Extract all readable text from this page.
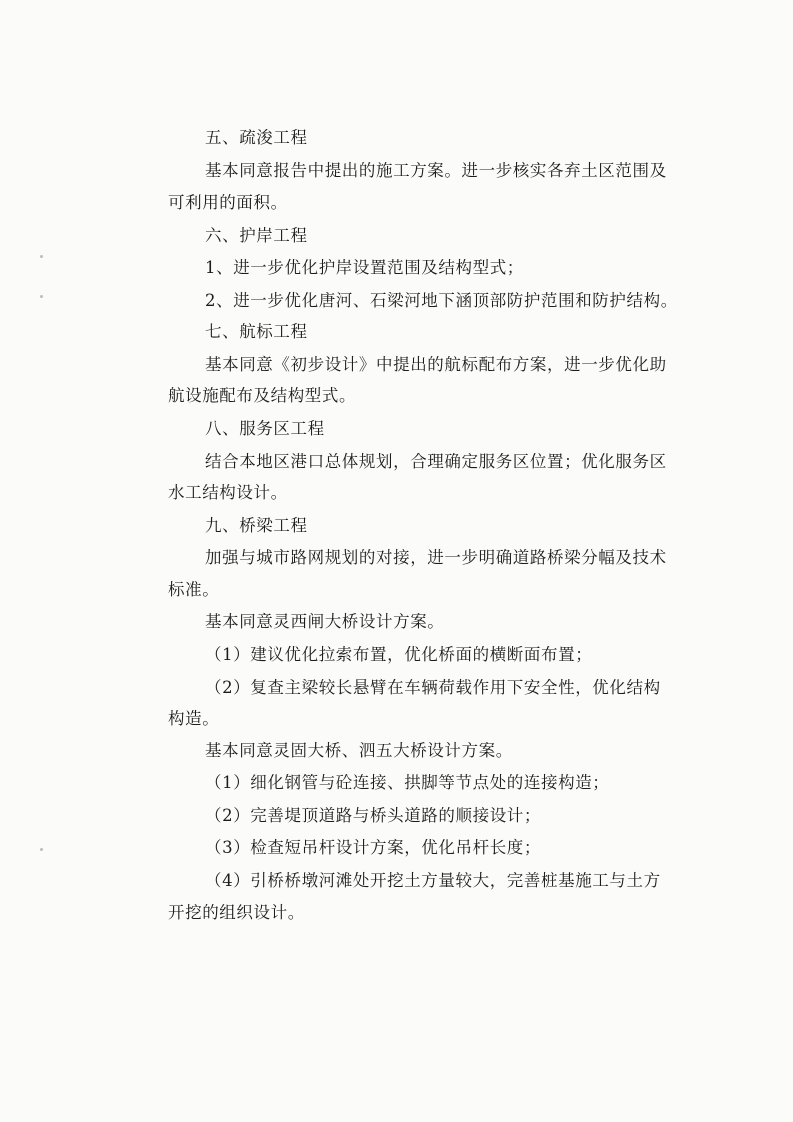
五、疏浚工程
基本同意报告中提出的施工方案。进一步核实各弃土区范围及
可利用的面积。
六、护岸工程
1、进一步优化护岸设置范围及结构型式；
2、进一步优化唐河、石梁河地下涵顶部防护范围和防护结构。
七、航标工程
基本同意《初步设计》中提出的航标配布方案，进一步优化助
航设施配布及结构型式。
八、服务区工程
结合本地区港口总体规划，合理确定服务区位置；优化服务区
水工结构设计。
九、桥梁工程
加强与城市路网规划的对接，进一步明确道路桥梁分幅及技术
标准。
基本同意灵西闸大桥设计方案。
（1）建议优化拉索布置，优化桥面的横断面布置；
（2）复查主梁较长悬臂在车辆荷载作用下安全性，优化结构
构造。
基本同意灵固大桥、泗五大桥设计方案。
（1）细化钢管与砼连接、拱脚等节点处的连接构造；
（2）完善堤顶道路与桥头道路的顺接设计；
（3）检查短吊杆设计方案，优化吊杆长度；
（4）引桥桥墩河滩处开挖土方量较大，完善桩基施工与土方
开挖的组织设计。
